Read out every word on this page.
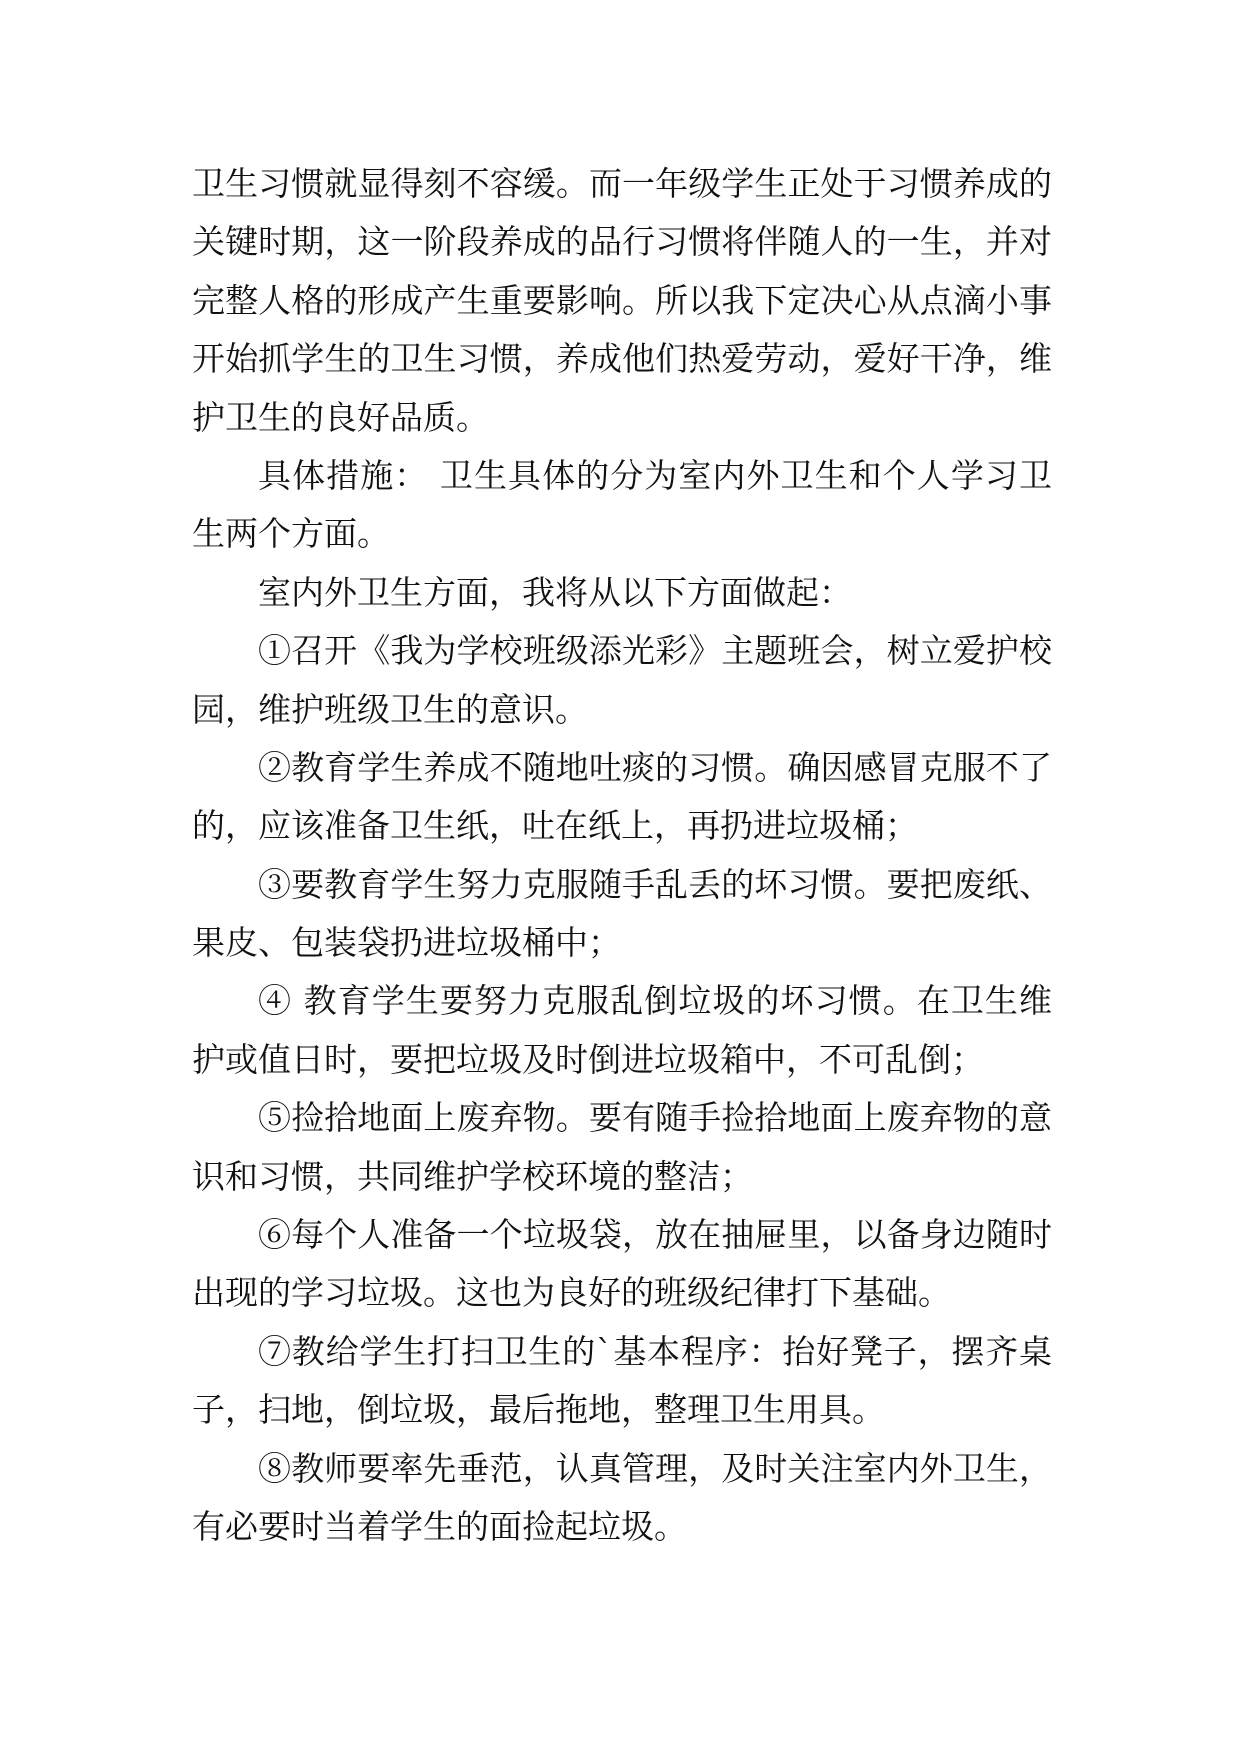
卫生习惯就显得刻不容缓。而一年级学生正处于习惯养成的
关键时期，这一阶段养成的品行习惯将伴随人的一生，并对
完整人格的形成产生重要影响。所以我下定决心从点滴小事
开始抓学生的卫生习惯，养成他们热爱劳动，爱好干净，维
护卫生的良好品质。
具体措施： 卫生具体的分为室内外卫生和个人学习卫
生两个方面。
室内外卫生方面，我将从以下方面做起：
①召开《我为学校班级添光彩》主题班会，树立爱护校
园，维护班级卫生的意识。
②教育学生养成不随地吐痰的习惯。确因感冒克服不了
的，应该准备卫生纸，吐在纸上，再扔进垃圾桶；
③要教育学生努力克服随手乱丢的坏习惯。要把废纸、
果皮、包装袋扔进垃圾桶中；
④ 教育学生要努力克服乱倒垃圾的坏习惯。在卫生维
护或值日时，要把垃圾及时倒进垃圾箱中，不可乱倒；
⑤捡拾地面上废弃物。要有随手捡拾地面上废弃物的意
识和习惯，共同维护学校环境的整洁；
⑥每个人准备一个垃圾袋，放在抽屉里，以备身边随时
出现的学习垃圾。这也为良好的班级纪律打下基础。
⑦教给学生打扫卫生的`基本程序：抬好凳子，摆齐桌
子，扫地，倒垃圾，最后拖地，整理卫生用具。
⑧教师要率先垂范，认真管理，及时关注室内外卫生，
有必要时当着学生的面捡起垃圾。
